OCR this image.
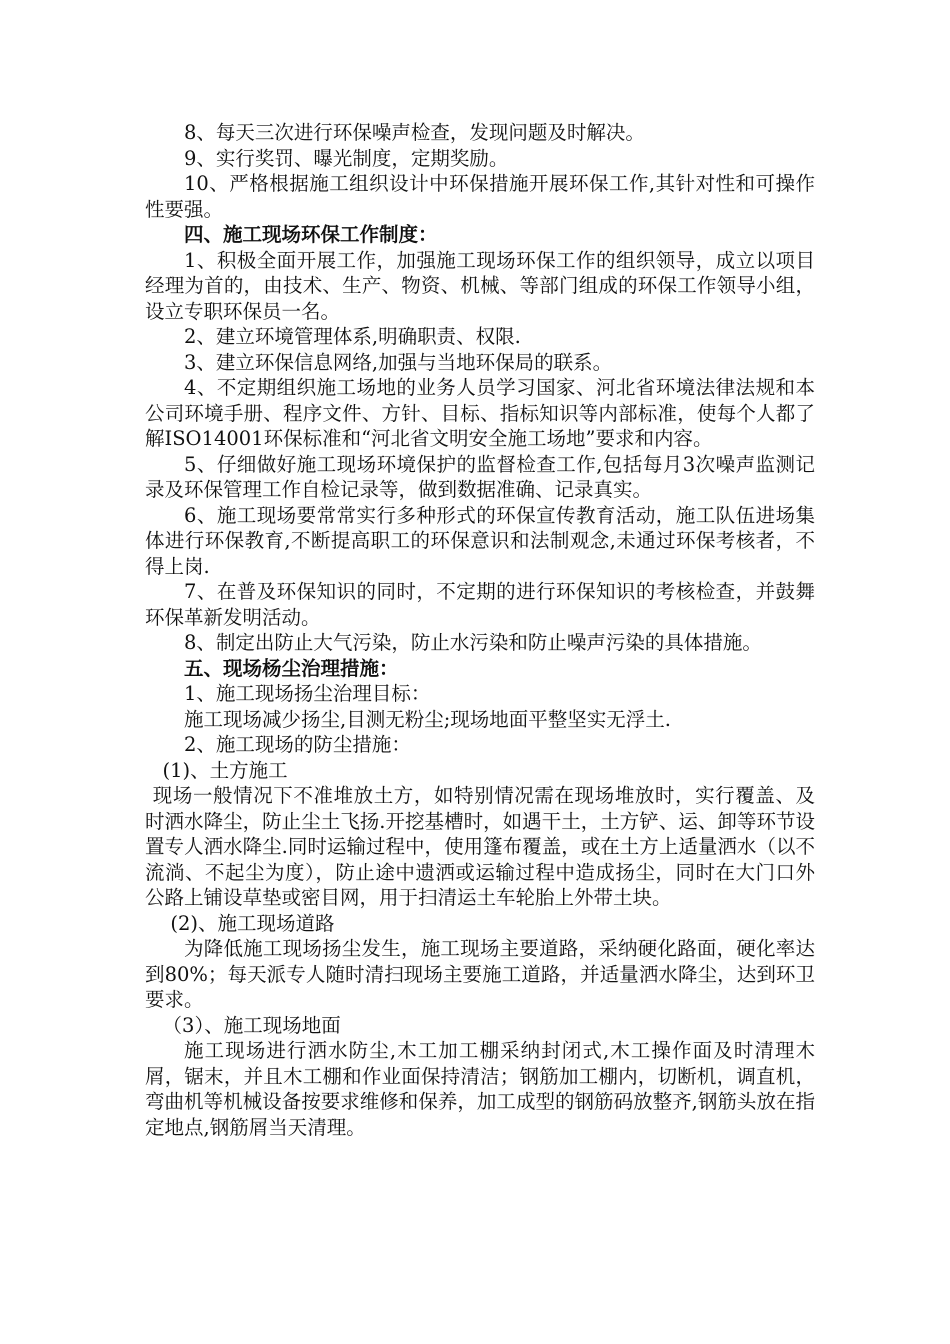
8、每天三次进行环保噪声检查，发现问题及时解决。

9、实行奖罚、曝光制度，定期奖励。

10、严格根据施工组织设计中环保措施开展环保工作,其针对性和可操作性要强。

四、施工现场环保工作制度：

1、积极全面开展工作，加强施工现场环保工作的组织领导，成立以项目经理为首的，由技术、生产、物资、机械、等部门组成的环保工作领导小组，设立专职环保员一名。

2、建立环境管理体系,明确职责、权限.

3、建立环保信息网络,加强与当地环保局的联系。

4、不定期组织施工场地的业务人员学习国家、河北省环境法律法规和本公司环境手册、程序文件、方针、目标、指标知识等内部标准，使每个人都了解ISO14001环保标准和“河北省文明安全施工场地”要求和内容。

5、仔细做好施工现场环境保护的监督检查工作,包括每月3次噪声监测记录及环保管理工作自检记录等，做到数据准确、记录真实。

6、施工现场要常常实行多种形式的环保宣传教育活动，施工队伍进场集体进行环保教育,不断提高职工的环保意识和法制观念,未通过环保考核者，不得上岗.

7、在普及环保知识的同时，不定期的进行环保知识的考核检查，并鼓舞环保革新发明活动。

8、制定出防止大气污染，防止水污染和防止噪声污染的具体措施。

五、现场杨尘治理措施：

1、施工现场扬尘治理目标：

施工现场减少扬尘,目测无粉尘;现场地面平整坚实无浮土.

2、施工现场的防尘措施：

(1)、土方施工

现场一般情况下不准堆放土方，如特别情况需在现场堆放时，实行覆盖、及时洒水降尘，防止尘土飞扬.开挖基槽时，如遇干土，土方铲、运、卸等环节设置专人洒水降尘.同时运输过程中，使用篷布覆盖，或在土方上适量洒水（以不流淌、不起尘为度），防止途中遗洒或运输过程中造成扬尘，同时在大门口外公路上铺设草垫或密目网，用于扫清运土车轮胎上外带土块。

(2)、施工现场道路

为降低施工现场扬尘发生，施工现场主要道路，采纳硬化路面，硬化率达到80%；每天派专人随时清扫现场主要施工道路，并适量洒水降尘，达到环卫要求。

（3）、施工现场地面

施工现场进行洒水防尘,木工加工棚采纳封闭式,木工操作面及时清理木屑，锯末，并且木工棚和作业面保持清洁；钢筋加工棚内，切断机，调直机，弯曲机等机械设备按要求维修和保养，加工成型的钢筋码放整齐,钢筋头放在指定地点,钢筋屑当天清理。
